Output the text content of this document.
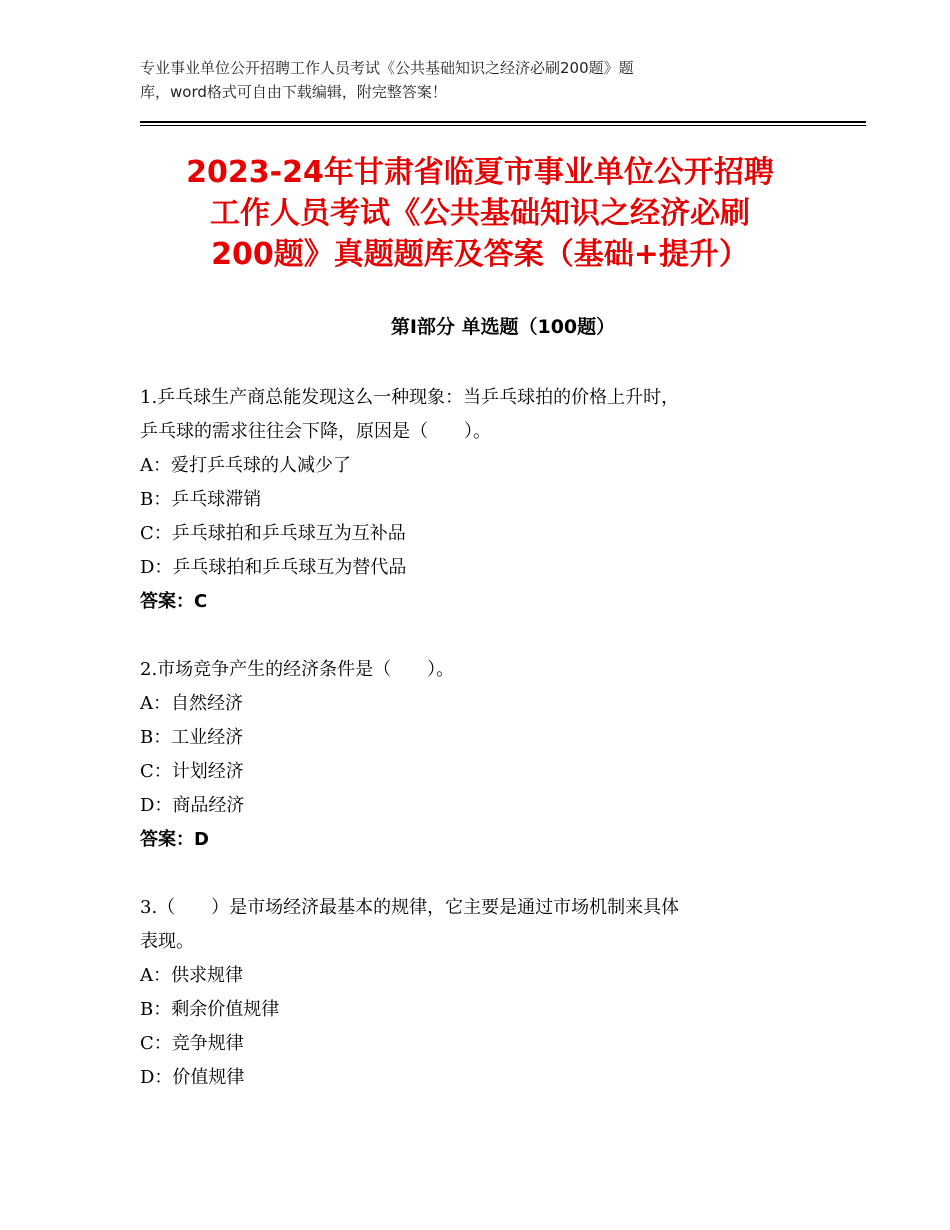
专业事业单位公开招聘工作人员考试《公共基础知识之经济必刷200题》题
库，word格式可自由下载编辑，附完整答案！
2023-24年甘肃省临夏市事业单位公开招聘
工作人员考试《公共基础知识之经济必刷
200题》真题题库及答案（基础+提升）
第Ⅰ部分 单选题（100题）

1.乒乓球生产商总能发现这么一种现象：当乒乓球拍的价格上升时，

乒乓球的需求往往会下降，原因是（　　）。

A：爱打乒乓球的人减少了

B：乒乓球滞销

C：乒乓球拍和乒乓球互为互补品

D：乒乓球拍和乒乓球互为替代品

答案：C

2.市场竞争产生的经济条件是（　　）。

A：自然经济

B：工业经济

C：计划经济

D：商品经济

答案：D

3.（　　）是市场经济最基本的规律，它主要是通过市场机制来具体

表现。

A：供求规律

B：剩余价值规律

C：竞争规律

D：价值规律
